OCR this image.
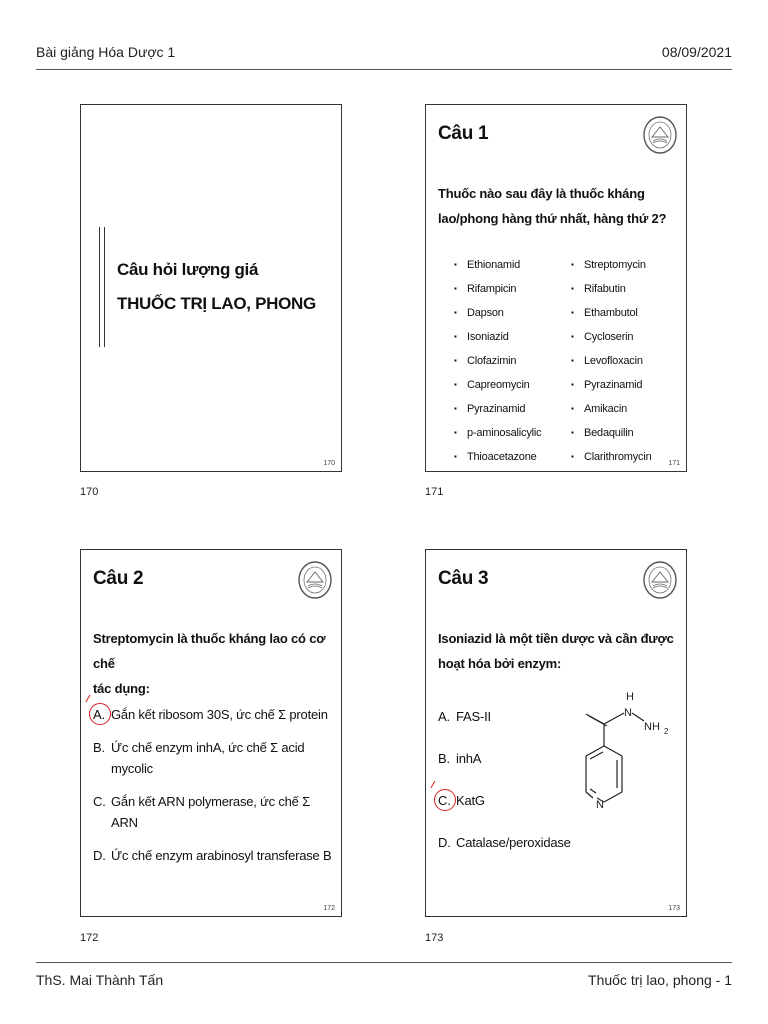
Bài giảng Hóa Dược 1	08/09/2021
Câu hỏi lượng giá
THUỐC TRỊ LAO, PHONG
170
170
Câu 1
Thuốc nào sau đây là thuốc kháng
lao/phong hàng thứ nhất, hàng thứ 2?
▪ Ethionamid
▪ Rifampicin
▪ Dapson
▪ Isoniazid
▪ Clofazimin
▪ Capreomycin
▪ Pyrazinamid
▪ p-aminosalicylic
▪ Thioacetazone
▪ Streptomycin
▪ Rifabutin
▪ Ethambutol
▪ Cycloserin
▪ Levofloxacin
▪ Pyrazinamid
▪ Amikacin
▪ Bedaquilin
▪ Clarithromycin
171
171
Câu 2
Streptomycin là thuốc kháng lao có cơ chế
tác dụng:
A. Gắn kết ribosom 30S, ức chế Σ protein
B. Ức chế enzym inhA, ức chế Σ acid mycolic
C. Gắn kết ARN polymerase, ức chế Σ ARN
D. Ức chế enzym arabinosyl transferase B
172
172
Câu 3
Isoniazid là một tiền dược và cần được
hoạt hóa bởi enzym:
A. FAS-II
B. inhA
C. KatG
D. Catalase/peroxidase
H
N
NH 2
N
173
173
ThS. Mai Thành Tấn	Thuốc trị lao, phong - 1
